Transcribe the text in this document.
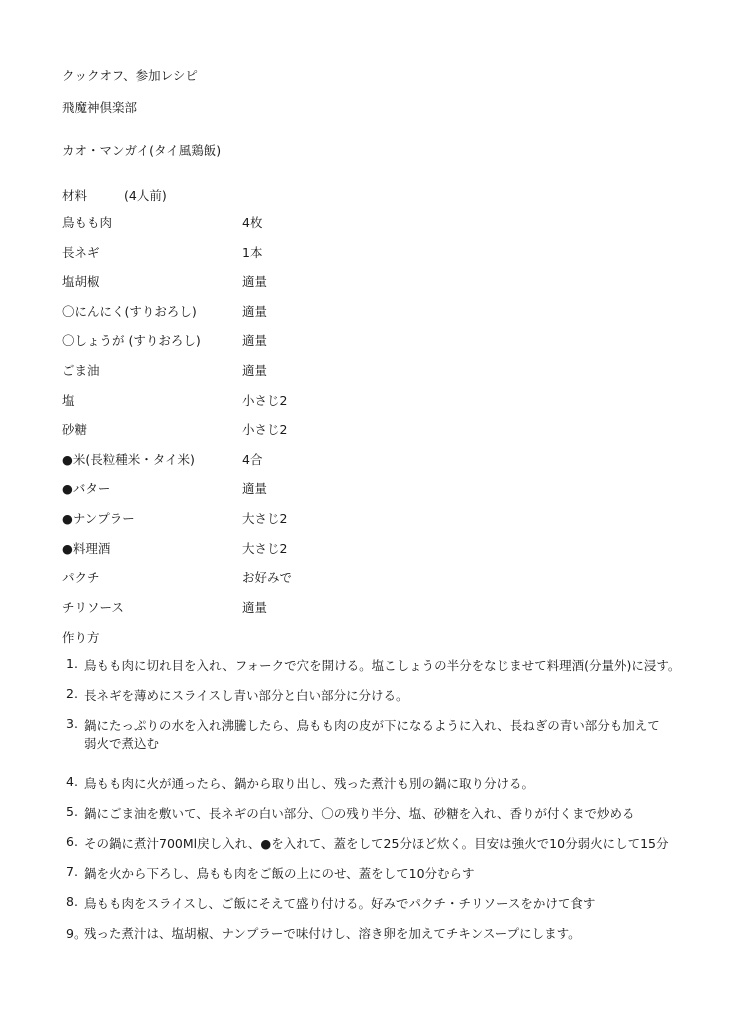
クックオフ、参加レシピ
飛魔神倶楽部
カオ・マンガイ(タイ風鶏飯)
材料	(4人前)
鳥もも肉	4枚
長ネギ	1本
塩胡椒	適量
〇にんにく(すりおろし)	適量
〇しょうが (すりおろし)	適量
ごま油	適量
塩	小さじ2
砂糖	小さじ2
●米(長粒種米・タイ米)	4合
●バター	適量
●ナンプラー	大さじ2
●料理酒	大さじ2
パクチ	お好みで
チリソース	適量
作り方
1. 鳥もも肉に切れ目を入れ、フォークで穴を開ける。塩こしょうの半分をなじませて料理酒(分量外)に浸す。
2. 長ネギを薄めにスライスし青い部分と白い部分に分ける。
3. 鍋にたっぷりの水を入れ沸騰したら、鳥もも肉の皮が下になるように入れ、長ねぎの青い部分も加えて
弱火で煮込む
4. 鳥もも肉に火が通ったら、鍋から取り出し、残った煮汁も別の鍋に取り分ける。
5. 鍋にごま油を敷いて、長ネギの白い部分、〇の残り半分、塩、砂糖を入れ、香りが付くまで炒める
6. その鍋に煮汁700Ml戻し入れ、●を入れて、蓋をして25分ほど炊く。目安は強火で10分弱火にして15分
7. 鍋を火から下ろし、鳥もも肉をご飯の上にのせ、蓋をして10分むらす
8. 鳥もも肉をスライスし、ご飯にそえて盛り付ける。好みでパクチ・チリソースをかけて食す
9。
残った煮汁は、塩胡椒、ナンプラーで味付けし、溶き卵を加えてチキンスープにします。
